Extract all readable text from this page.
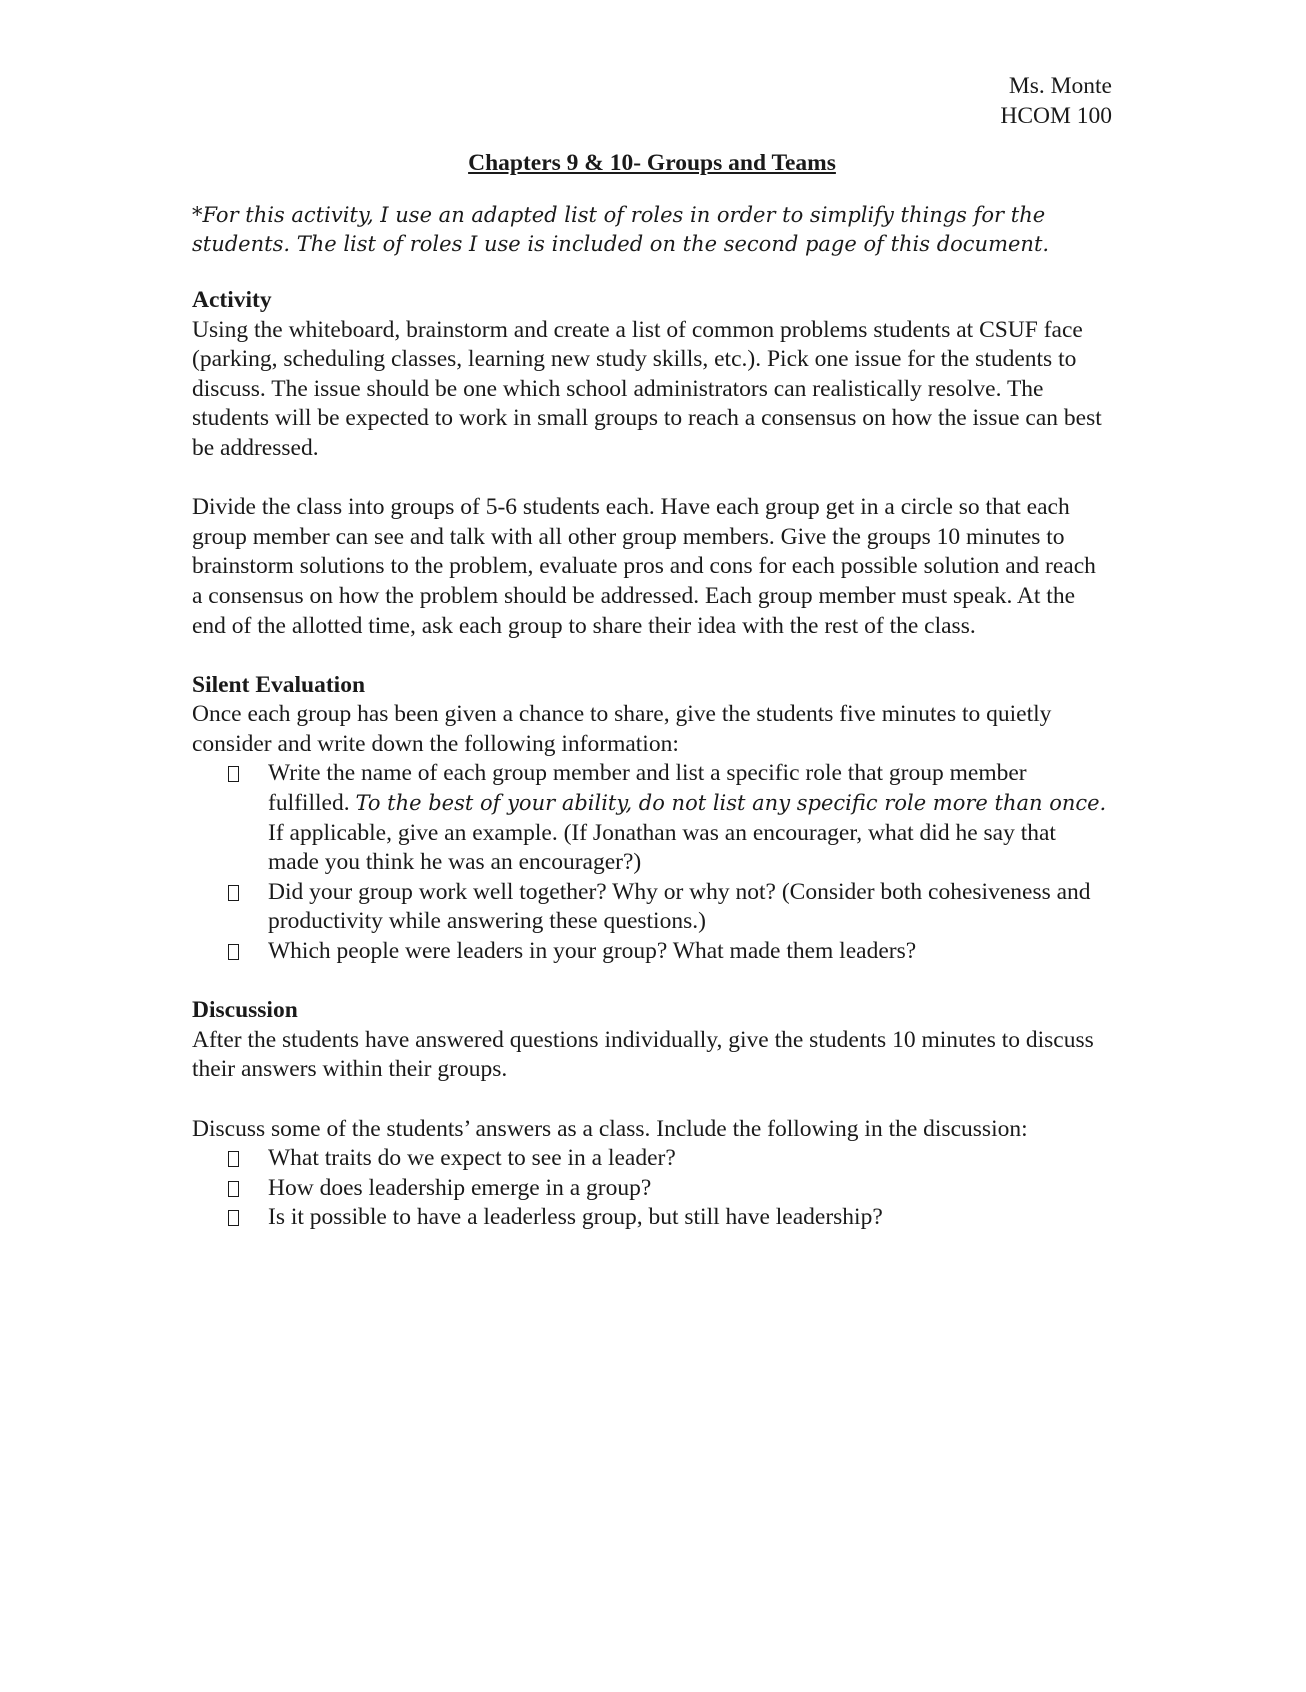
Ms. Monte
HCOM 100
Chapters 9 & 10- Groups and Teams
*For this activity, I use an adapted list of roles in order to simplify things for the students. The list of roles I use is included on the second page of this document.
Activity

Using the whiteboard, brainstorm and create a list of common problems students at CSUF face (parking, scheduling classes, learning new study skills, etc.). Pick one issue for the students to discuss. The issue should be one which school administrators can realistically resolve. The students will be expected to work in small groups to reach a consensus on how the issue can best be addressed.

Divide the class into groups of 5-6 students each. Have each group get in a circle so that each group member can see and talk with all other group members. Give the groups 10 minutes to brainstorm solutions to the problem, evaluate pros and cons for each possible solution and reach a consensus on how the problem should be addressed. Each group member must speak. At the end of the allotted time, ask each group to share their idea with the rest of the class.

Silent Evaluation

Once each group has been given a chance to share, give the students five minutes to quietly consider and write down the following information:

Write the name of each group member and list a specific role that group member fulfilled. To the best of your ability, do not list any specific role more than once. If applicable, give an example. (If Jonathan was an encourager, what did he say that made you think he was an encourager?)
Did your group work well together? Why or why not? (Consider both cohesiveness and productivity while answering these questions.)
Which people were leaders in your group? What made them leaders?
Discussion

After the students have answered questions individually, give the students 10 minutes to discuss their answers within their groups.

Discuss some of the students’ answers as a class. Include the following in the discussion:

What traits do we expect to see in a leader?
How does leadership emerge in a group?
Is it possible to have a leaderless group, but still have leadership?
